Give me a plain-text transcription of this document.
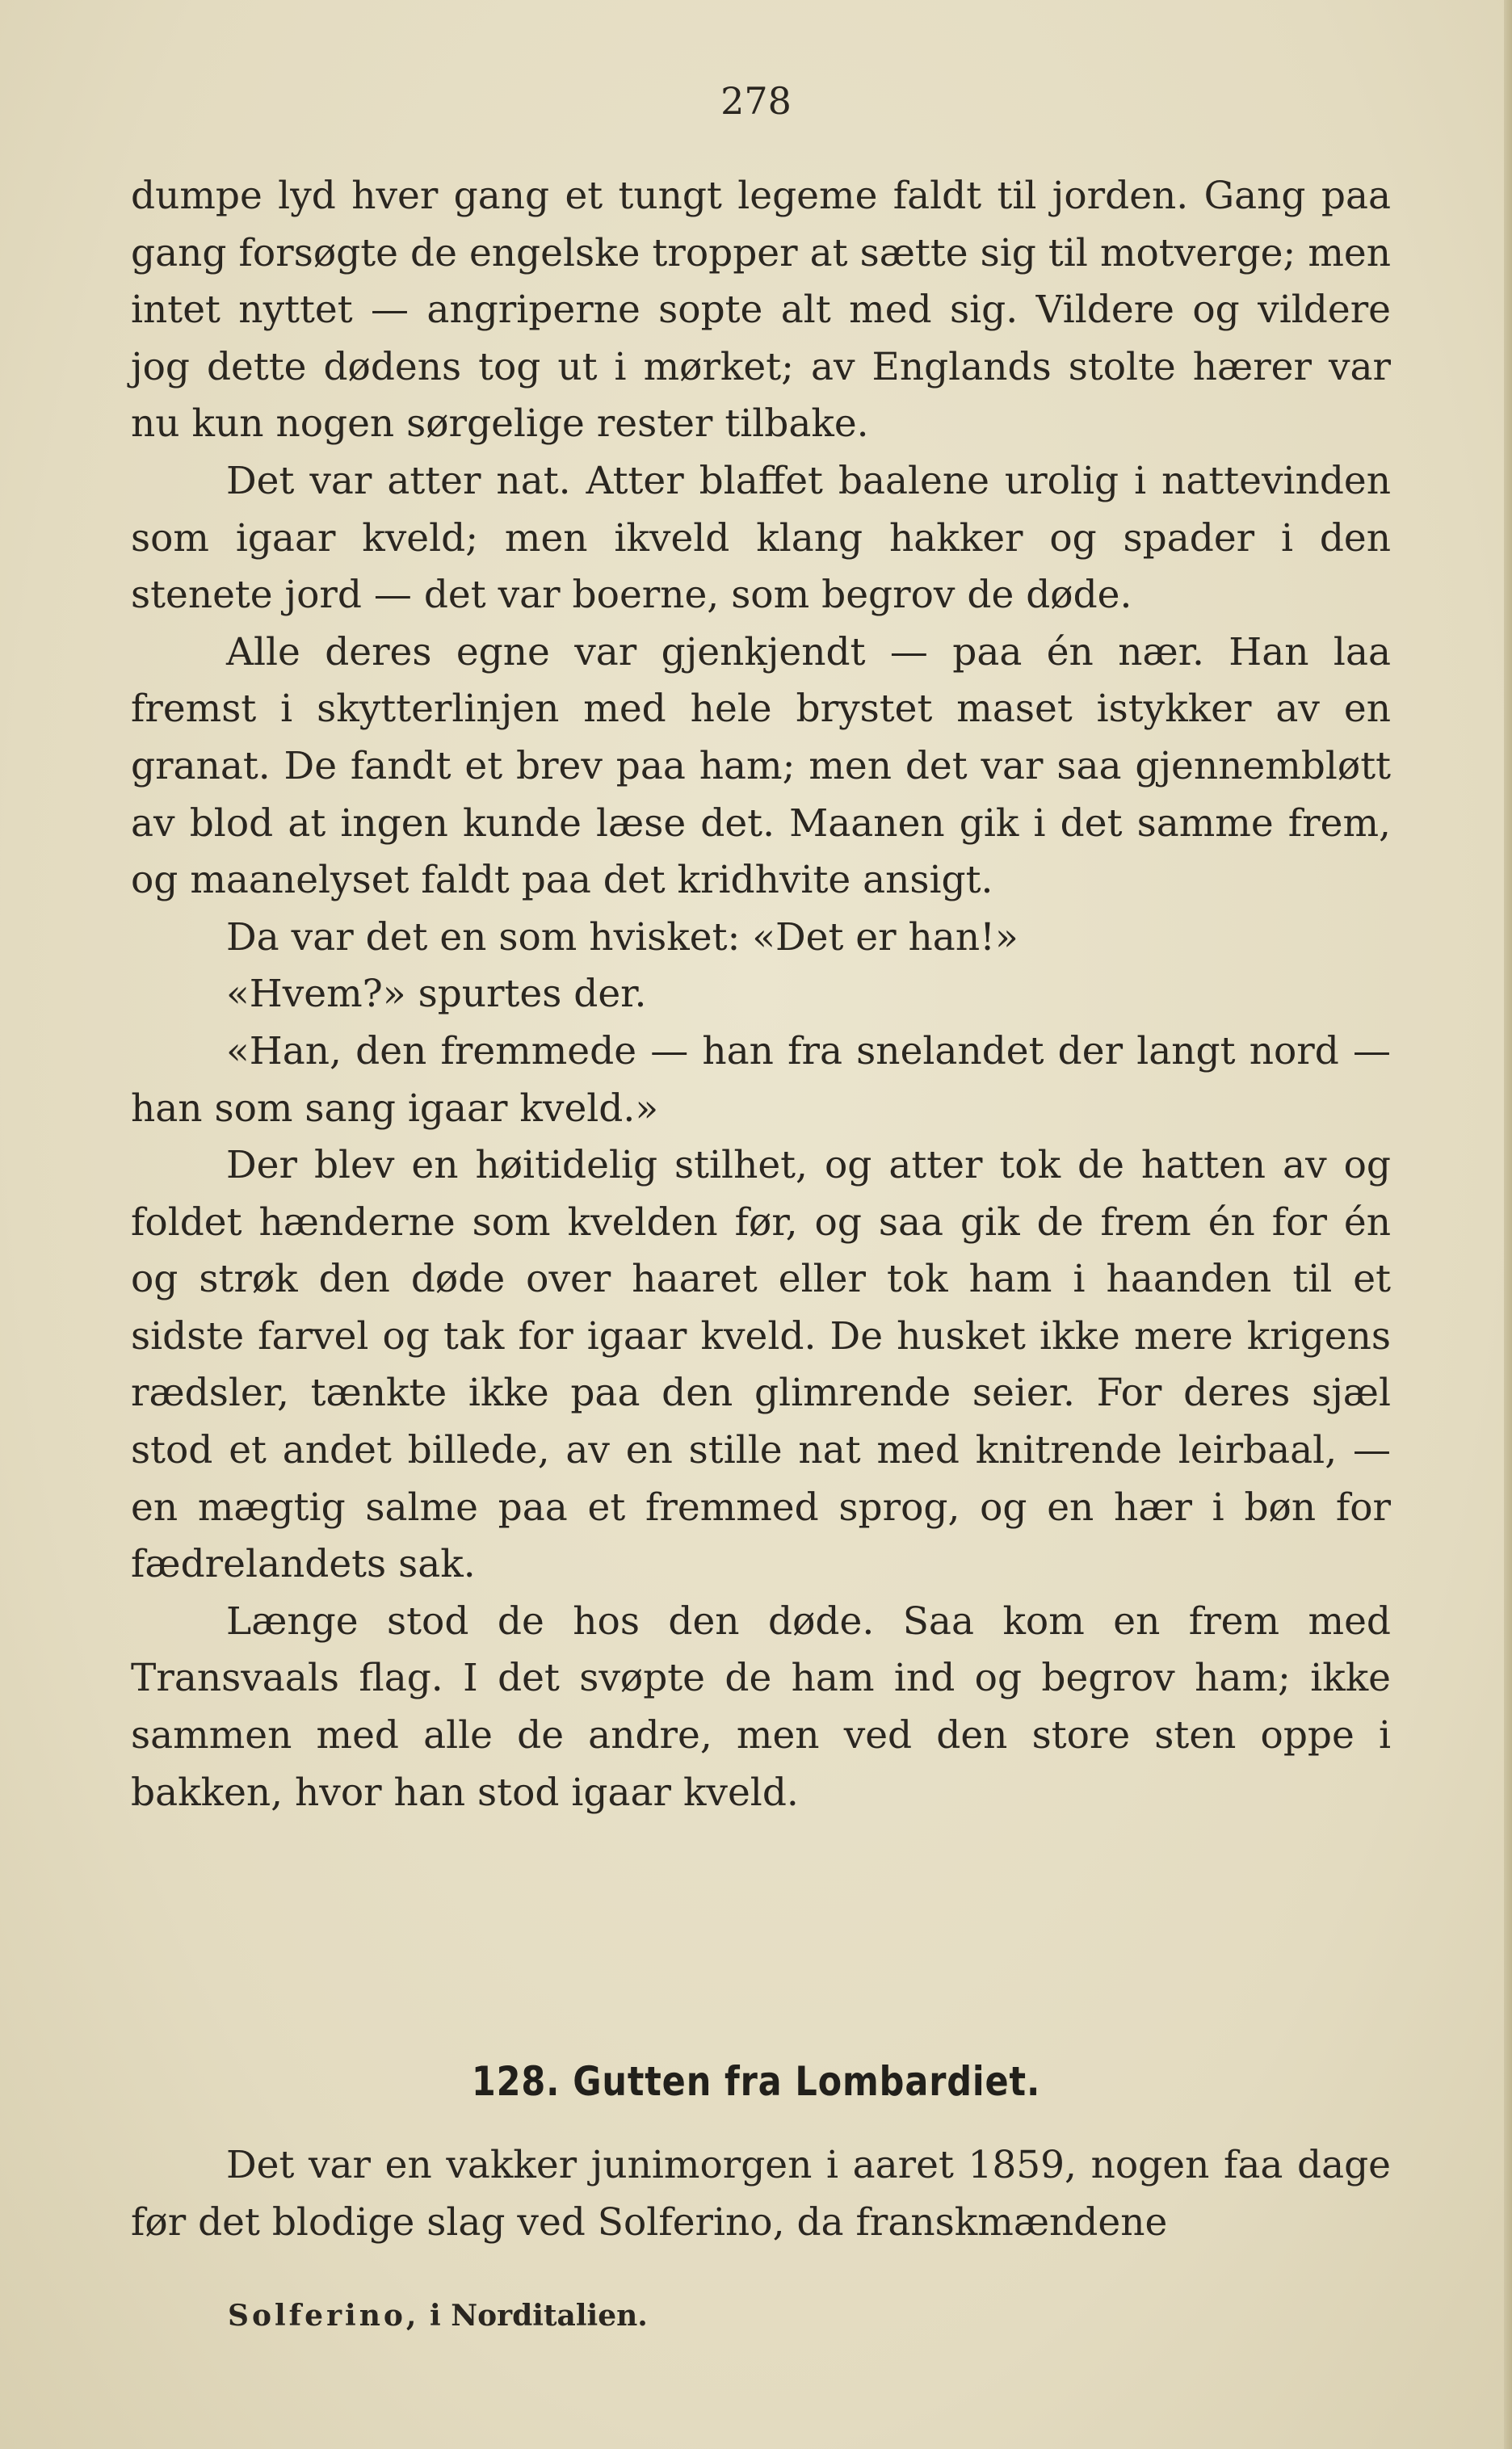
278

dumpe lyd hver gang et tungt legeme faldt til jorden. Gang paa gang forsøgte de engelske tropper at sætte sig til motverge; men intet nyttet — angriperne sopte alt med sig. Vildere og vildere jog dette dødens tog ut i mørket; av Englands stolte hærer var nu kun nogen sørgelige rester tilbake.

Det var atter nat. Atter blaffet baalene urolig i nattevinden som igaar kveld; men ikveld klang hakker og spader i den stenete jord — det var boerne, som begrov de døde.

Alle deres egne var gjenkjendt — paa én nær. Han laa fremst i skytterlinjen med hele brystet maset istykker av en granat. De fandt et brev paa ham; men det var saa gjennembløtt av blod at ingen kunde læse det. Maanen gik i det samme frem, og maanelyset faldt paa det kridhvite ansigt.

Da var det en som hvisket: «Det er han!»

«Hvem?» spurtes der.

«Han, den fremmede — han fra snelandet der langt nord — han som sang igaar kveld.»

Der blev en høitidelig stilhet, og atter tok de hatten av og foldet hænderne som kvelden før, og saa gik de frem én for én og strøk den døde over haaret eller tok ham i haanden til et sidste farvel og tak for igaar kveld. De husket ikke mere krigens rædsler, tænkte ikke paa den glimrende seier. For deres sjæl stod et andet billede, av en stille nat med knitrende leirbaal, — en mægtig salme paa et fremmed sprog, og en hær i bøn for fædrelandets sak.

Længe stod de hos den døde. Saa kom en frem med Transvaals flag. I det svøpte de ham ind og begrov ham; ikke sammen med alle de andre, men ved den store sten oppe i bakken, hvor han stod igaar kveld.

128. Gutten fra Lombardiet.

Det var en vakker junimorgen i aaret 1859, nogen faa dage før det blodige slag ved Solferino, da franskmændene

Solferino, i Norditalien.
